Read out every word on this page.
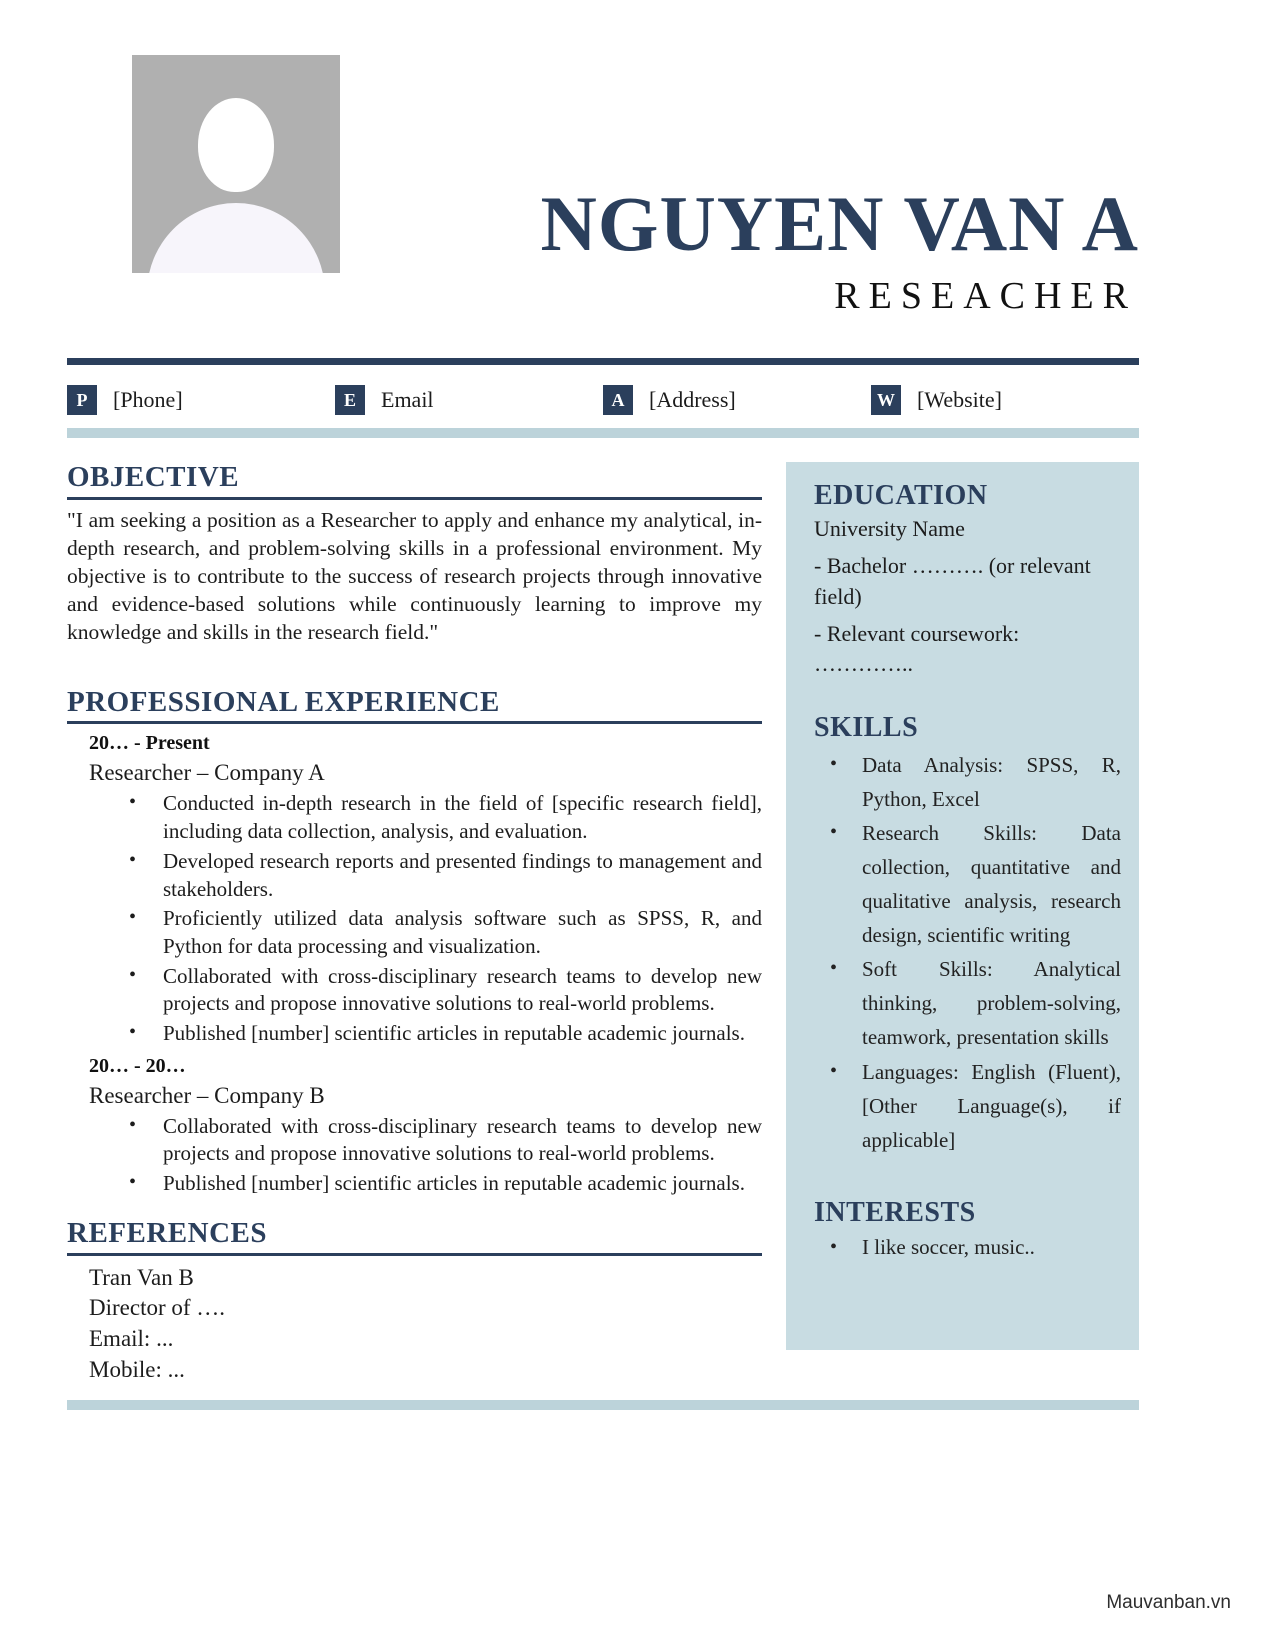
NGUYEN VAN A
RESEACHER
P	[Phone]	E	Email	A	[Address]	W [Website]
OBJECTIVE

"I am seeking a position as a Researcher to apply and enhance my analytical, in-depth research, and problem-solving skills in a professional environment. My objective is to contribute to the success of research projects through innovative and evidence-based solutions while continuously learning to improve my knowledge and skills in the research field."

PROFESSIONAL EXPERIENCE
20… - Present
Researcher – Company A
• Conducted in-depth research in the field of [specific research field], including data collection, analysis, and evaluation.
• Developed research reports and presented findings to management and stakeholders.
• Proficiently utilized data analysis software such as SPSS, R, and Python for data processing and visualization.
• Collaborated with cross-disciplinary research teams to develop new projects and propose innovative solutions to real-world problems.
• Published [number] scientific articles in reputable academic journals.
20… - 20…
Researcher – Company B
• Collaborated with cross-disciplinary research teams to develop new projects and propose innovative solutions to real-world problems.
• Published [number] scientific articles in reputable academic journals.
REFERENCES
Tran Van B
Director of ….
Email: ...
Mobile: ...
EDUCATION
University Name
- Bachelor ………. (or relevant field)
- Relevant coursework: …………..
SKILLS
• Data Analysis: SPSS, R, Python, Excel
• Research Skills: Data collection, quantitative and qualitative analysis, research design, scientific writing
• Soft Skills: Analytical thinking, problem-solving, teamwork, presentation skills
• Languages: English (Fluent), [Other Language(s), if applicable]
INTERESTS
• I like soccer, music..
Mauvanban.vn
